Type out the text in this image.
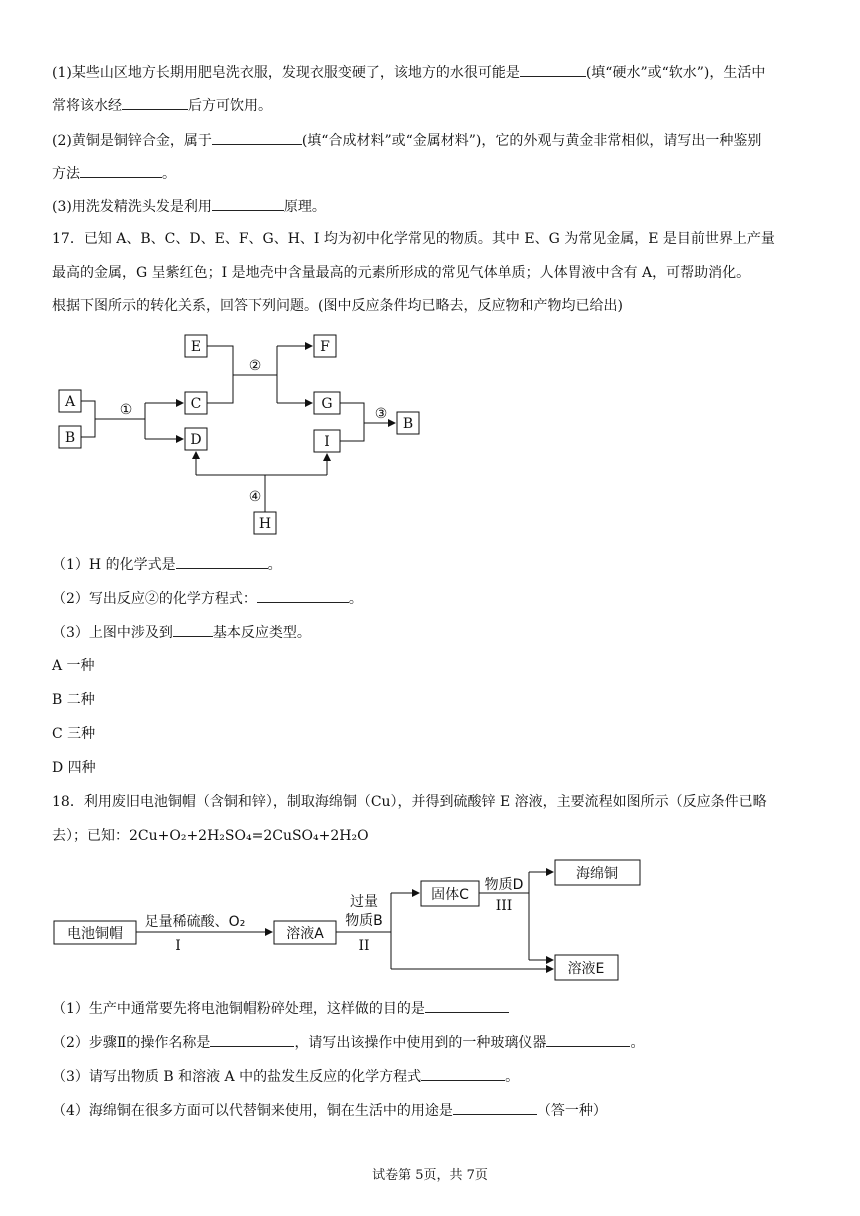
(1)某些山区地方长期用肥皂洗衣服，发现衣服变硬了，该地方的水很可能是	(填“硬水”或“软水”)，生活中
常将该水经	后方可饮用。
(2)黄铜是铜锌合金，属于	(填“合成材料”或“金属材料”)，它的外观与黄金非常相似，请写出一种鉴别
方法	。
(3)用洗发精洗头发是利用	原理。
17．已知 A、B、C、D、E、F、G、H、I 均为初中化学常见的物质。其中 E、G 为常见金属，E 是目前世界上产量
最高的金属，G 呈紫红色；I 是地壳中含量最高的元素所形成的常见气体单质；人体胃液中含有 A，可帮助消化。
根据下图所示的转化关系，回答下列问题。(图中反应条件均已略去，反应物和产物均已给出)
A
B
E
C
D
F
G
I
B
H
①
②
③
④
电池铜帽
足量稀硫酸、O₂
I
溶液A
过量
物质B
II
固体C
物质D
III
海绵铜
溶液E
（1）H 的化学式是	。
（2）写出反应②的化学方程式：	。
（3）上图中涉及到	基本反应类型。
A 一种
B 二种
C 三种
D 四种
18．利用废旧电池铜帽（含铜和锌），制取海绵铜（Cu），并得到硫酸锌 E 溶液，主要流程如图所示（反应条件已略
去）；已知：2Cu+O₂+2H₂SO₄=2CuSO₄+2H₂O
（1）生产中通常要先将电池铜帽粉碎处理，这样做的目的是
（2）步骤Ⅱ的操作名称是	，请写出该操作中使用到的一种玻璃仪器	。
（3）请写出物质 B 和溶液 A 中的盐发生反应的化学方程式	。
（4）海绵铜在很多方面可以代替铜来使用，铜在生活中的用途是	（答一种）
试卷第 5页，共 7页
